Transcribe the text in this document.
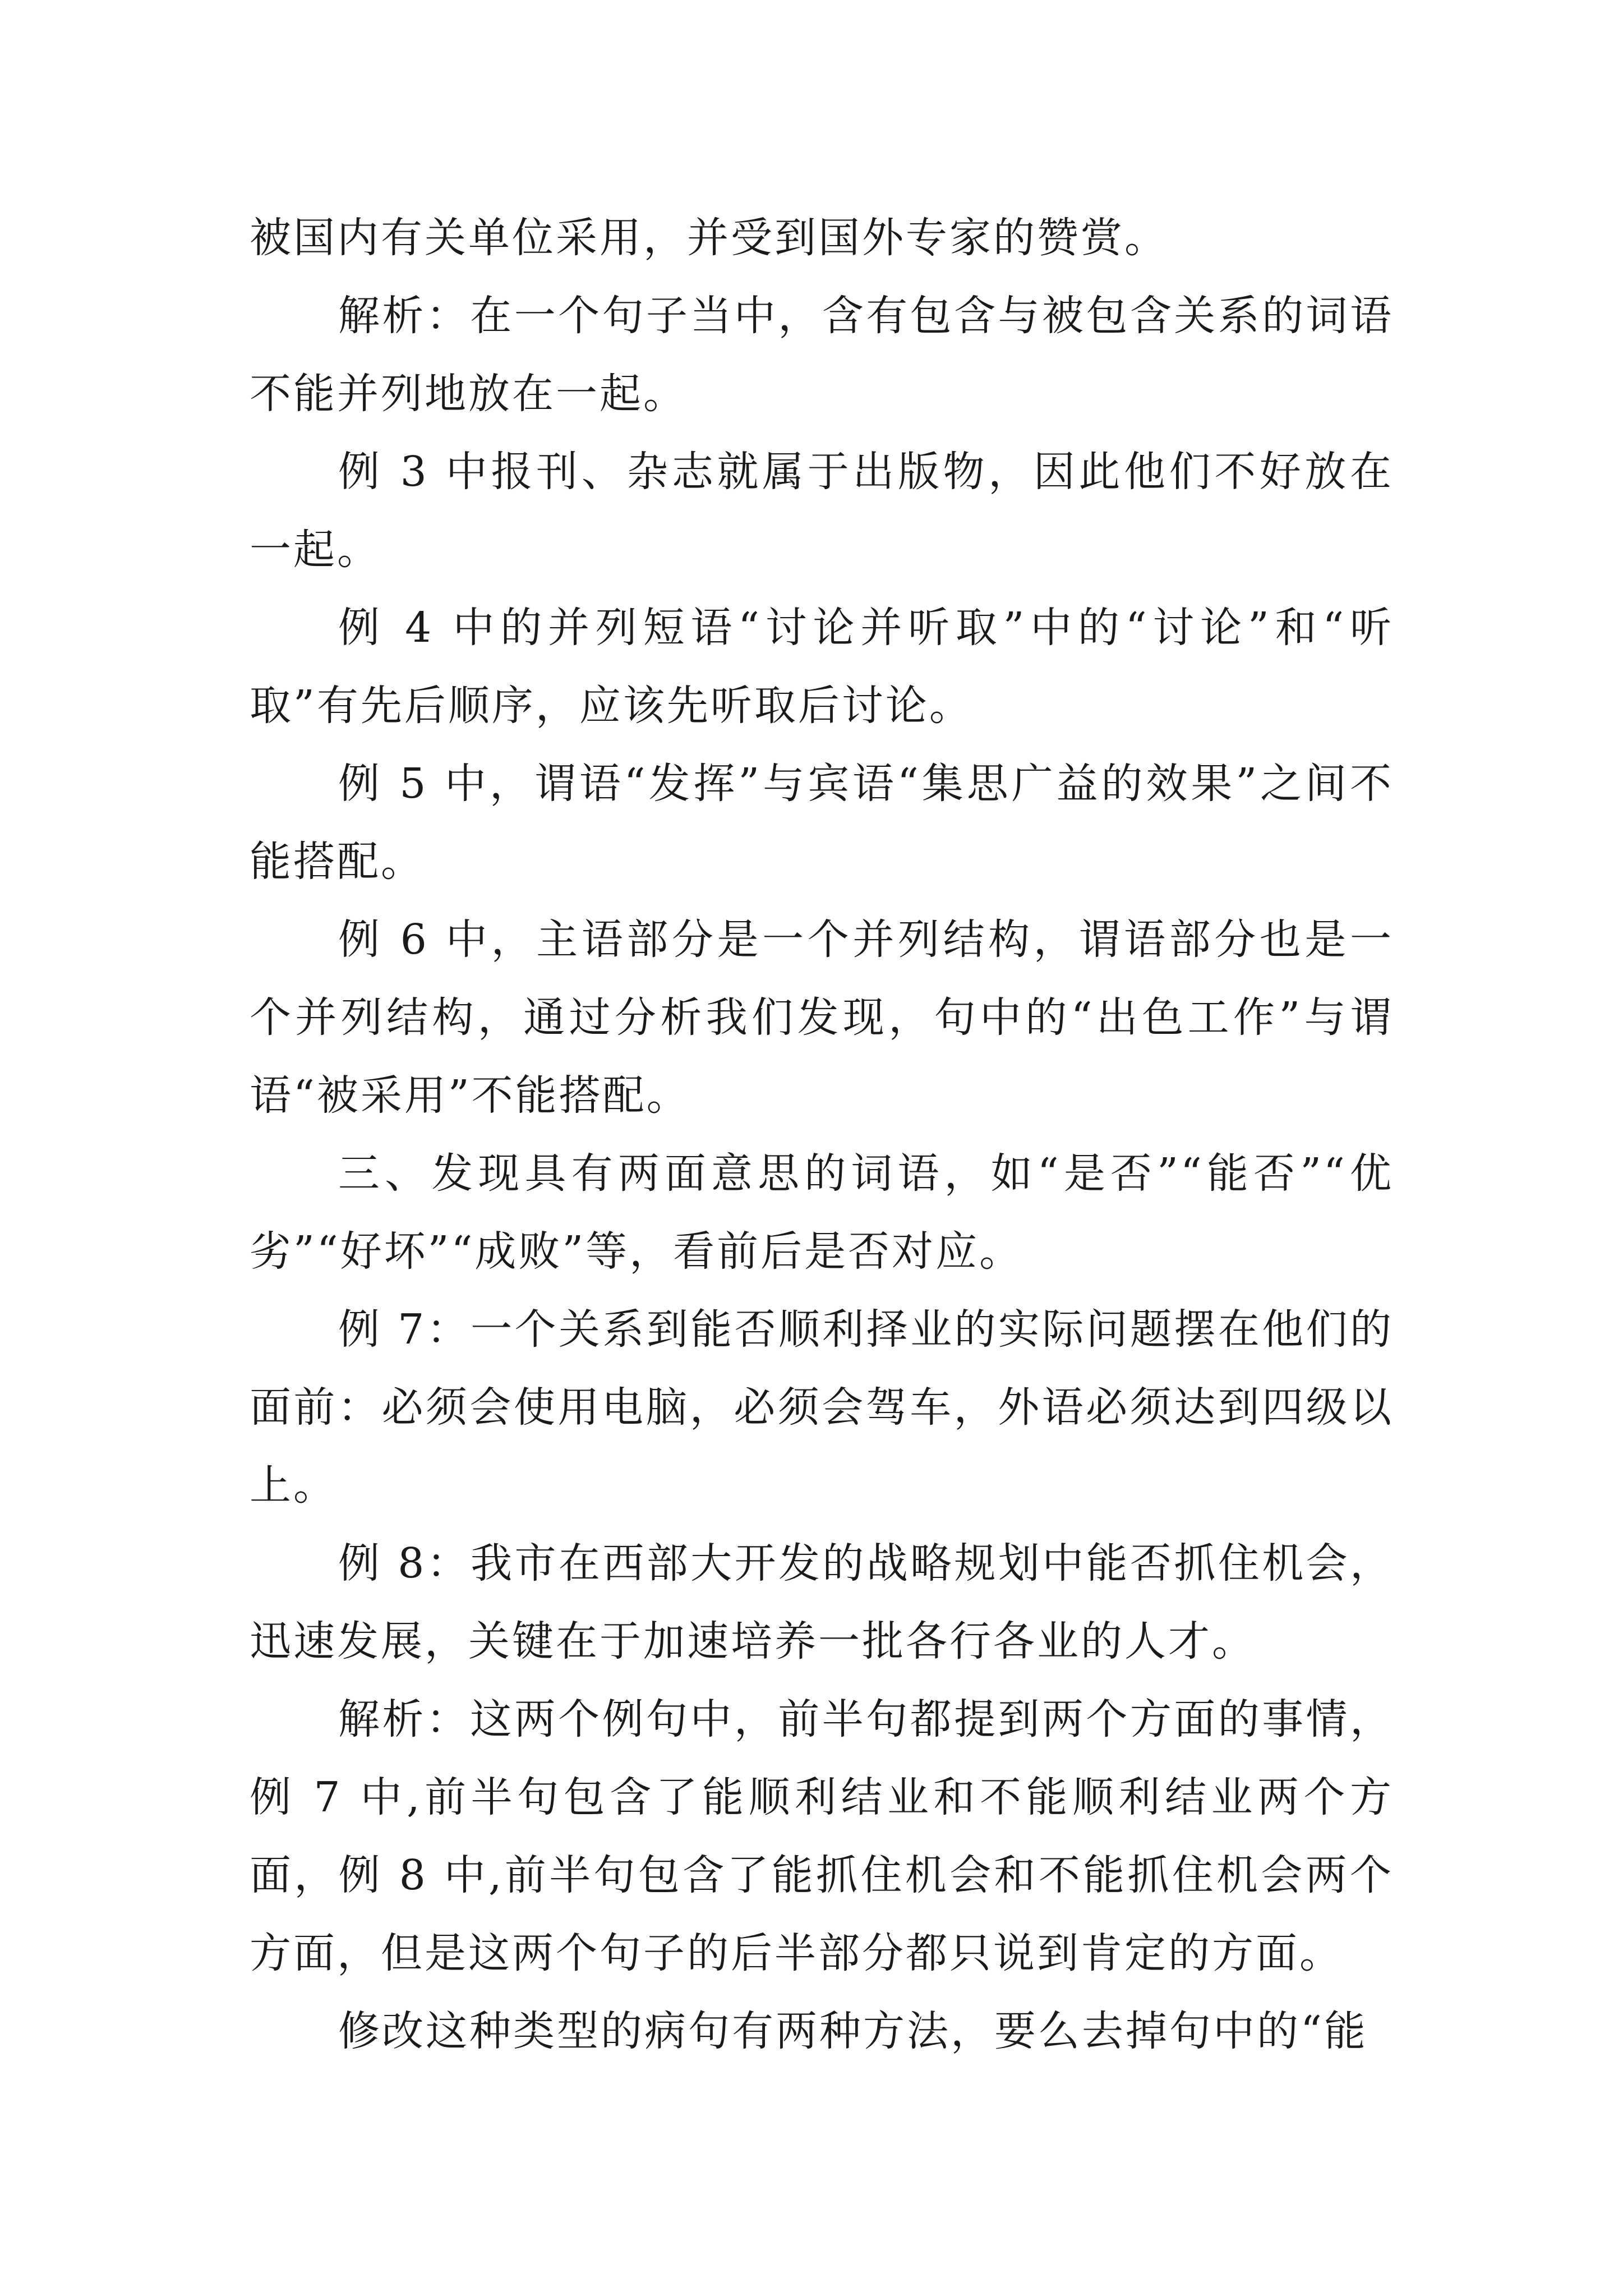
被国内有关单位采用，并受到国外专家的赞赏。

解析：在一个句子当中，含有包含与被包含关系的词语不能并列地放在一起。

例 3 中报刊、杂志就属于出版物，因此他们不好放在一起。

例 4 中的并列短语“讨论并听取”中的“讨论”和“听取”有先后顺序，应该先听取后讨论。

例 5 中，谓语“发挥”与宾语“集思广益的效果”之间不能搭配。

例 6 中，主语部分是一个并列结构，谓语部分也是一个并列结构，通过分析我们发现，句中的“出色工作”与谓语“被采用”不能搭配。

三、发现具有两面意思的词语，如“是否”“能否”“优劣”“好坏”“成败”等，看前后是否对应。

例 7：一个关系到能否顺利择业的实际问题摆在他们的面前：必须会使用电脑，必须会驾车，外语必须达到四级以上。

例 8：我市在西部大开发的战略规划中能否抓住机会，迅速发展，关键在于加速培养一批各行各业的人才。

解析：这两个例句中，前半句都提到两个方面的事情，例 7 中,前半句包含了能顺利结业和不能顺利结业两个方面，例 8 中,前半句包含了能抓住机会和不能抓住机会两个方面，但是这两个句子的后半部分都只说到肯定的方面。

修改这种类型的病句有两种方法，要么去掉句中的“能
